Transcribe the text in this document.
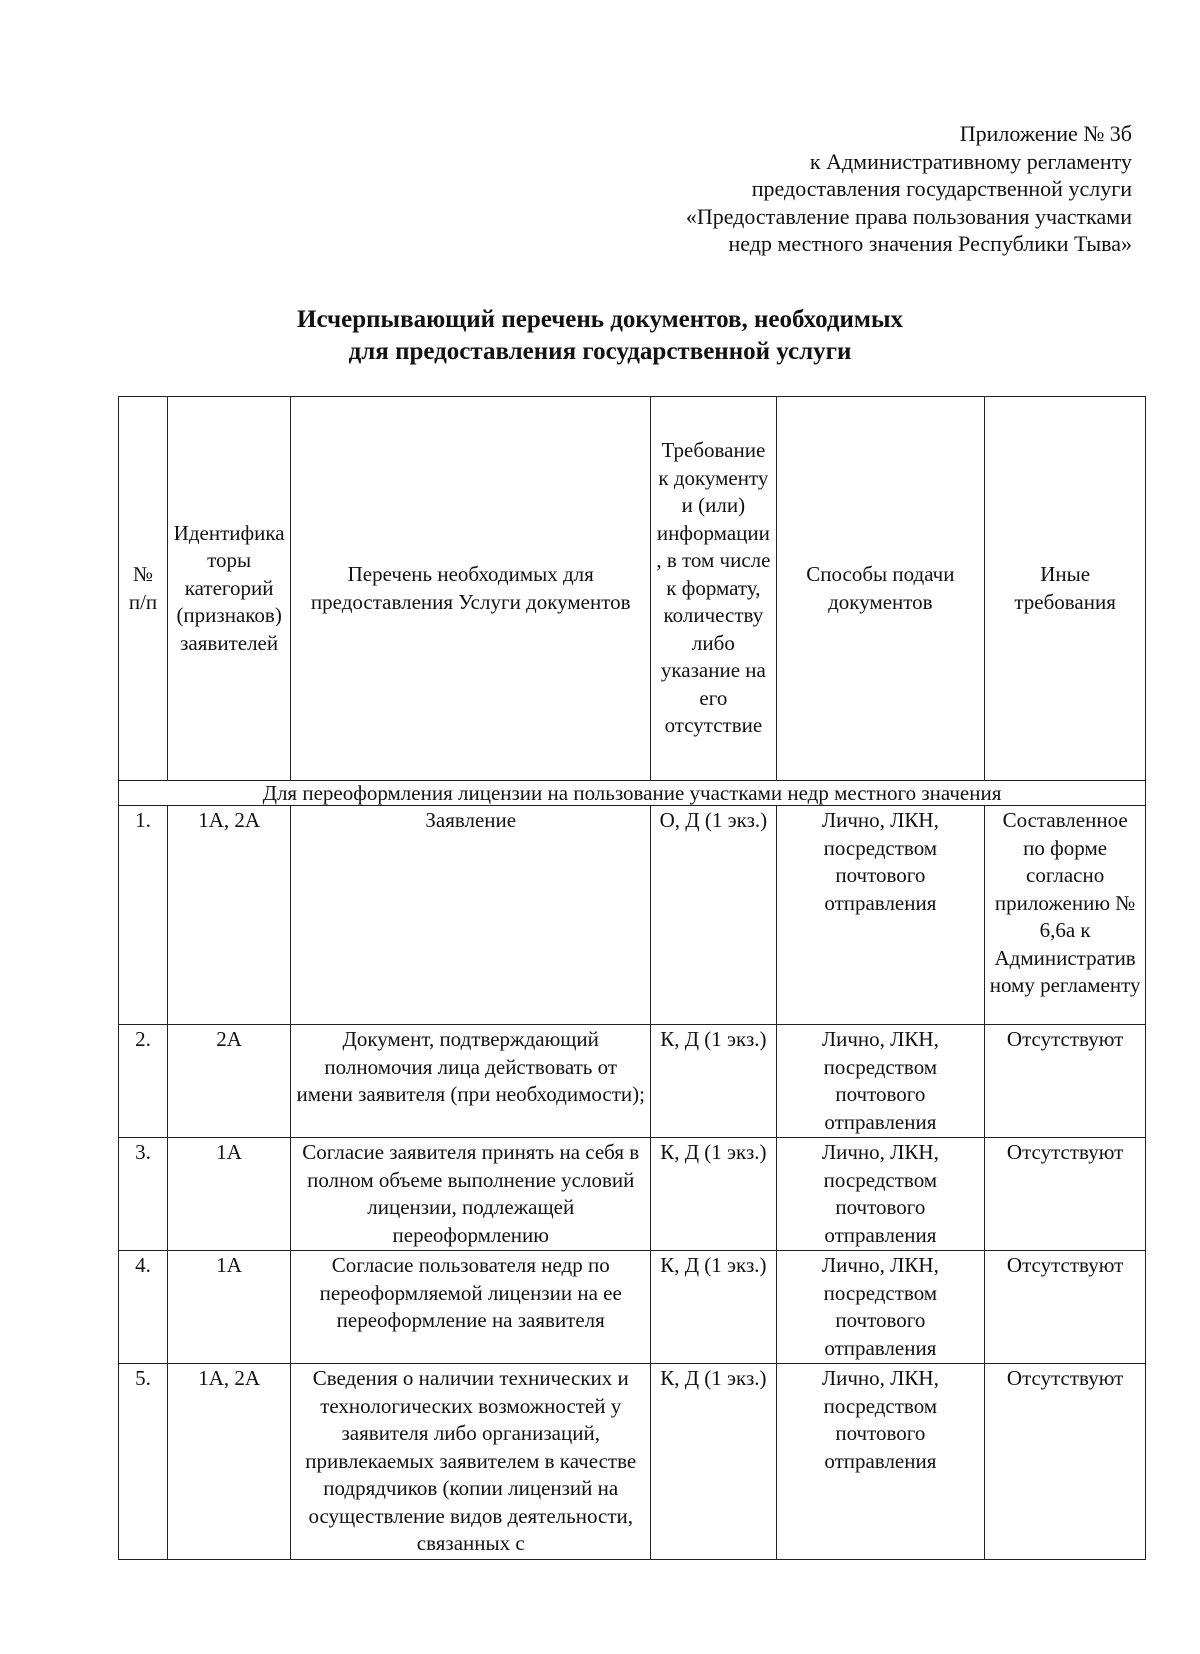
Приложение № 3б
к Административному регламенту
предоставления государственной услуги
«Предоставление права пользования участками
недр местного значения Республики Тыва»
Исчерпывающий перечень документов, необходимых
для предоставления государственной услуги
№ п/п	Идентификаторы категорий (признаков) заявителей	Перечень необходимых для предоставления Услуги документов	Требование к документу и (или) информации, в том числе к формату, количеству либо указание на его отсутствие	Способы подачи документов	Иные требования
Для переоформления лицензии на пользование участками недр местного значения					
1.	1А, 2А	Заявление	О, Д (1 экз.)	Лично, ЛКН, посредством почтового отправления	Составленное по форме согласно приложению № 6,6а к Административному регламенту
2.	2А	Документ, подтверждающий полномочия лица действовать от имени заявителя (при необходимости);	К, Д (1 экз.)	Лично, ЛКН, посредством почтового отправления	Отсутствуют
3.	1А	Согласие заявителя принять на себя в полном объеме выполнение условий лицензии, подлежащей переоформлению	К, Д (1 экз.)	Лично, ЛКН, посредством почтового отправления	Отсутствуют
4.	1А	Согласие пользователя недр по переоформляемой лицензии на ее переоформление на заявителя	К, Д (1 экз.)	Лично, ЛКН, посредством почтового отправления	Отсутствуют
5.	1А, 2А	Сведения о наличии технических и технологических возможностей у заявителя либо организаций, привлекаемых заявителем в качестве подрядчиков (копии лицензий на осуществление видов деятельности, связанных с	К, Д (1 экз.)	Лично, ЛКН, посредством почтового отправления	Отсутствуют
